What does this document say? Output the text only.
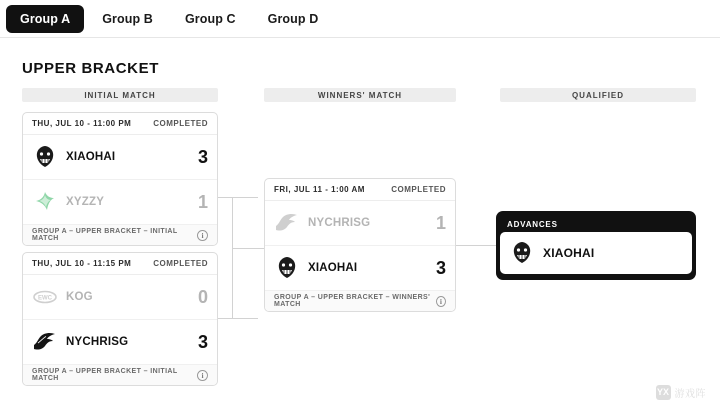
Group A	Group B	Group C	Group D
UPPER BRACKET
INITIAL MATCH	WINNERS' MATCH	QUALIFIED
THU, JUL 10 - 11:00 PM	COMPLETED
XIAOHAI	3
XYZZY	1
GROUP A – UPPER BRACKET – INITIAL MATCH	i
THU, JUL 10 - 11:15 PM	COMPLETED
EWC KOG	0
NYCHRISG	3
GROUP A – UPPER BRACKET – INITIAL MATCH	i
FRI, JUL 11 - 1:00 AM	COMPLETED
NYCHRISG	1
XIAOHAI	3
GROUP A – UPPER BRACKET – WINNERS' MATCH	i
ADVANCES
XIAOHAI
YX 游戏阵
